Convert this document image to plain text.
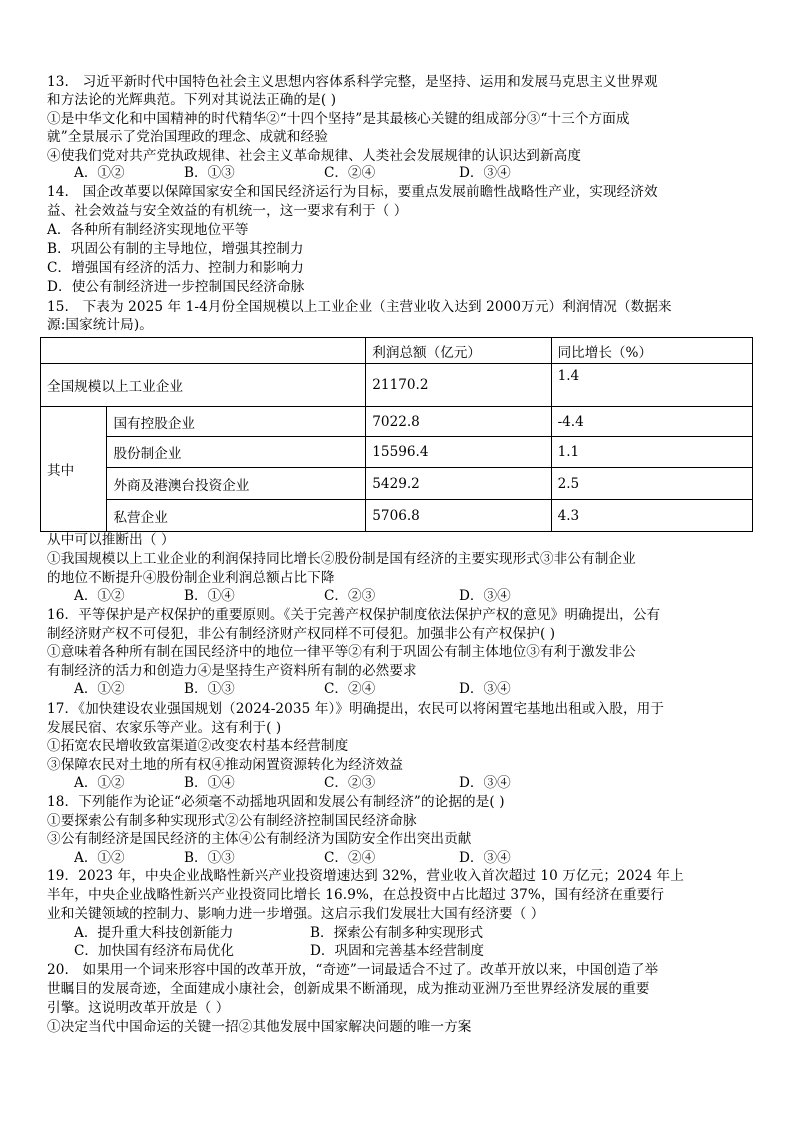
13.　习近平新时代中国特色社会主义思想内容体系科学完整，是坚持、运用和发展马克思主义世界观
和方法论的光辉典范。下列对其说法正确的是( )
①是中华文化和中国精神的时代精华②“十四个坚持”是其最核心关键的组成部分③“十三个方面成
就”全景展示了党治国理政的理念、成就和经验
④使我们党对共产党执政规律、社会主义革命规律、人类社会发展规律的认识达到新高度
A．①②	B．①③	C．②④	D．③④
14.　国企改革要以保障国家安全和国民经济运行为目标，要重点发展前瞻性战略性产业，实现经济效
益、社会效益与安全效益的有机统一，这一要求有利于（ ）
A．各种所有制经济实现地位平等
B．巩固公有制的主导地位，增强其控制力
C．增强国有经济的活力、控制力和影响力
D．使公有制经济进一步控制国民经济命脉
15.　下表为 2025 年 1-4月份全国规模以上工业企业（主营业收入达到 2000万元）利润情况（数据来
源:国家统计局)。
		利润总额（亿元）	同比增长（%）
全国规模以上工业企业		21170.2	1.4
其中	国有控股企业	7022.8	-4.4
	股份制企业	15596.4	1.1
	外商及港澳台投资企业	5429.2	2.5
	私营企业	5706.8	4.3
从中可以推断出（ ）
①我国规模以上工业企业的利润保持同比增长②股份制是国有经济的主要实现形式③非公有制企业
的地位不断提升④股份制企业利润总额占比下降
A．①②	B．①④	C．②③	D．③④
16．平等保护是产权保护的重要原则。《关于完善产权保护制度依法保护产权的意见》明确提出，公有
制经济财产权不可侵犯，非公有制经济财产权同样不可侵犯。加强非公有产权保护( )
①意味着各种所有制在国民经济中的地位一律平等②有利于巩固公有制主体地位③有利于激发非公
有制经济的活力和创造力④是坚持生产资料所有制的必然要求
A．①②	B．①③	C．②④	D．③④
17．《加快建设农业强国规划（2024-2035 年）》明确提出，农民可以将闲置宅基地出租或入股，用于
发展民宿、农家乐等产业。这有利于( )
①拓宽农民增收致富渠道②改变农村基本经营制度
③保障农民对土地的所有权④推动闲置资源转化为经济效益
A．①②	B．①④	C．②③	D．③④
18．下列能作为论证“必须毫不动摇地巩固和发展公有制经济”的论据的是( )
①要探索公有制多种实现形式②公有制经济控制国民经济命脉
③公有制经济是国民经济的主体④公有制经济为国防安全作出突出贡献
A．①②	B．①③	C．②④	D．③④
19．2023 年，中央企业战略性新兴产业投资增速达到 32%，营业收入首次超过 10 万亿元；2024 年上
半年，中央企业战略性新兴产业投资同比增长 16.9%，在总投资中占比超过 37%，国有经济在重要行
业和关键领域的控制力、影响力进一步增强。这启示我们发展壮大国有经济要（ ）
A．提升重大科技创新能力	B．探索公有制多种实现形式
C．加快国有经济布局优化	D．巩固和完善基本经营制度
20.　如果用一个词来形容中国的改革开放，“奇迹”一词最适合不过了。改革开放以来，中国创造了举
世瞩目的发展奇迹，全面建成小康社会，创新成果不断涌现，成为推动亚洲乃至世界经济发展的重要
引擎。这说明改革开放是（ ）
①决定当代中国命运的关键一招②其他发展中国家解决问题的唯一方案
